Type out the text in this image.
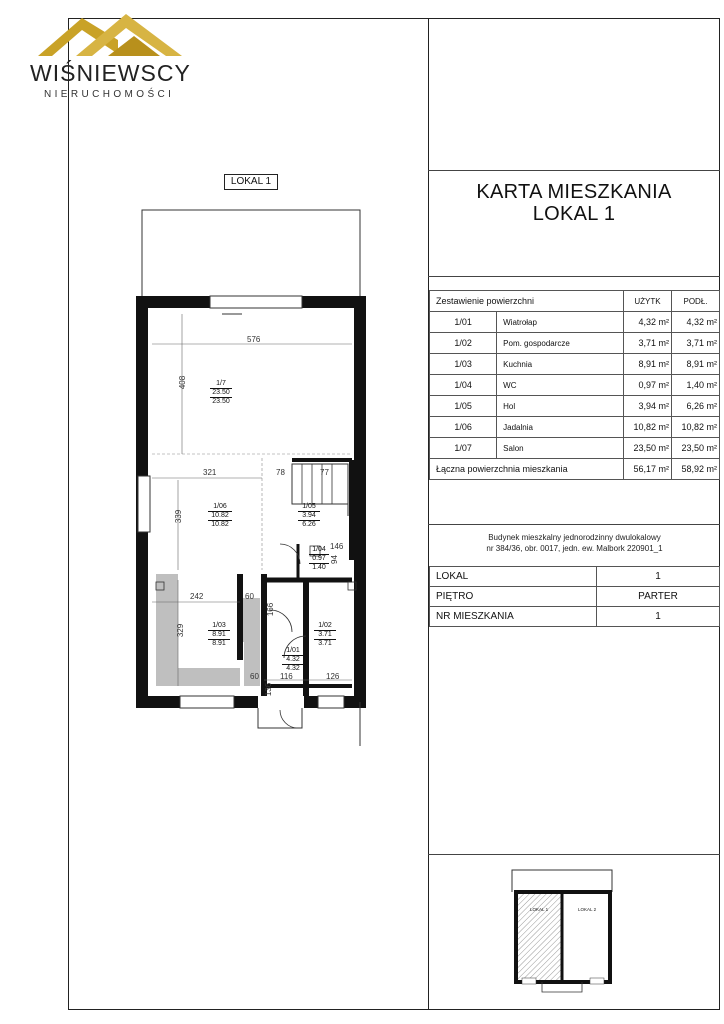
WIŚNIEWSCY
NIERUCHOMOŚCI
KARTA MIESZKANIA
LOKAL 1
Zestawienie powierzchni		UŻYTK	PODŁ.
1/01	Wiatrołap	4,32 m²	4,32 m²
1/02	Pom. gospodarcze	3,71 m²	3,71 m²
1/03	Kuchnia	8,91 m²	8,91 m²
1/04	WC	0,97 m²	1,40 m²
1/05	Hol	3,94 m²	6,26 m²
1/06	Jadalnia	10,82 m²	10,82 m²
1/07	Salon	23,50 m²	23,50 m²
Łączna powierzchnia mieszkania		56,17 m²	58,92 m²
Budynek mieszkalny jednorodzinny dwulokalowy
nr 384/36, obr. 0017, jedn. ew. Malbork 220901_1
LOKAL	1
PIĘTRO	PARTER
NR MIESZKANIA	1
LOKAL 1
1/7
23.50
23.50
1/06
10.82
10.82
1/05
3.94
6.26
1/04
0.97
1.40
1/03
8.91
8.91
1/02
3.71
3.71
1/01
4.32
4.32
576
408
321	78	77
339
242	60
329
166
146
94
60	116	126
136
LOKAL 1	LOKAL 2
